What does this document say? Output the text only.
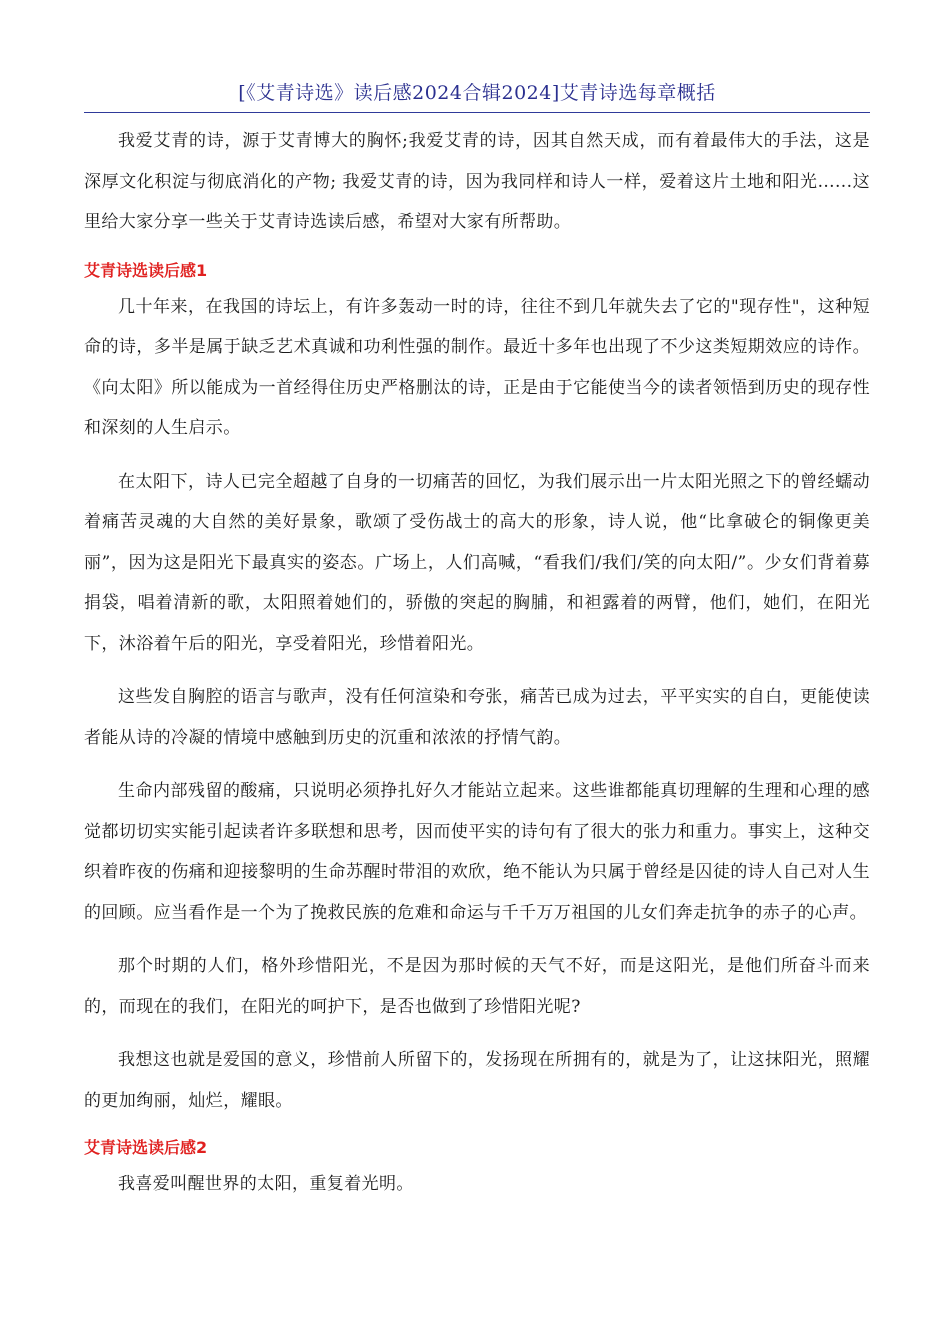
[《艾青诗选》读后感2024合辑2024]艾青诗选每章概括

我爱艾青的诗，源于艾青博大的胸怀;我爱艾青的诗，因其自然天成，而有着最伟大的手法，这是深厚文化积淀与彻底消化的产物; 我爱艾青的诗，因为我同样和诗人一样，爱着这片土地和阳光......这里给大家分享一些关于艾青诗选读后感，希望对大家有所帮助。

艾青诗选读后感1

几十年来，在我国的诗坛上，有许多轰动一时的诗，往往不到几年就失去了它的"现存性"，这种短命的诗，多半是属于缺乏艺术真诚和功利性强的制作。最近十多年也出现了不少这类短期效应的诗作。《向太阳》所以能成为一首经得住历史严格删汰的诗，正是由于它能使当今的读者领悟到历史的现存性和深刻的人生启示。

在太阳下，诗人已完全超越了自身的一切痛苦的回忆，为我们展示出一片太阳光照之下的曾经蠕动着痛苦灵魂的大自然的美好景象，歌颂了受伤战士的高大的形象，诗人说，他“比拿破仑的铜像更美丽”，因为这是阳光下最真实的姿态。广场上，人们高喊，“看我们/我们/笑的向太阳/”。少女们背着募捐袋，唱着清新的歌，太阳照着她们的，骄傲的突起的胸脯，和袒露着的两臂，他们，她们，在阳光下，沐浴着午后的阳光，享受着阳光，珍惜着阳光。

这些发自胸腔的语言与歌声，没有任何渲染和夸张，痛苦已成为过去，平平实实的自白，更能使读者能从诗的冷凝的情境中感触到历史的沉重和浓浓的抒情气韵。

生命内部残留的酸痛，只说明必须挣扎好久才能站立起来。这些谁都能真切理解的生理和心理的感觉都切切实实能引起读者许多联想和思考，因而使平实的诗句有了很大的张力和重力。事实上，这种交织着昨夜的伤痛和迎接黎明的生命苏醒时带泪的欢欣，绝不能认为只属于曾经是囚徒的诗人自己对人生的回顾。应当看作是一个为了挽救民族的危难和命运与千千万万祖国的儿女们奔走抗争的赤子的心声。

那个时期的人们，格外珍惜阳光，不是因为那时候的天气不好，而是这阳光，是他们所奋斗而来的，而现在的我们，在阳光的呵护下，是否也做到了珍惜阳光呢?

我想这也就是爱国的意义，珍惜前人所留下的，发扬现在所拥有的，就是为了，让这抹阳光，照耀的更加绚丽，灿烂，耀眼。

艾青诗选读后感2

我喜爱叫醒世界的太阳，重复着光明。
